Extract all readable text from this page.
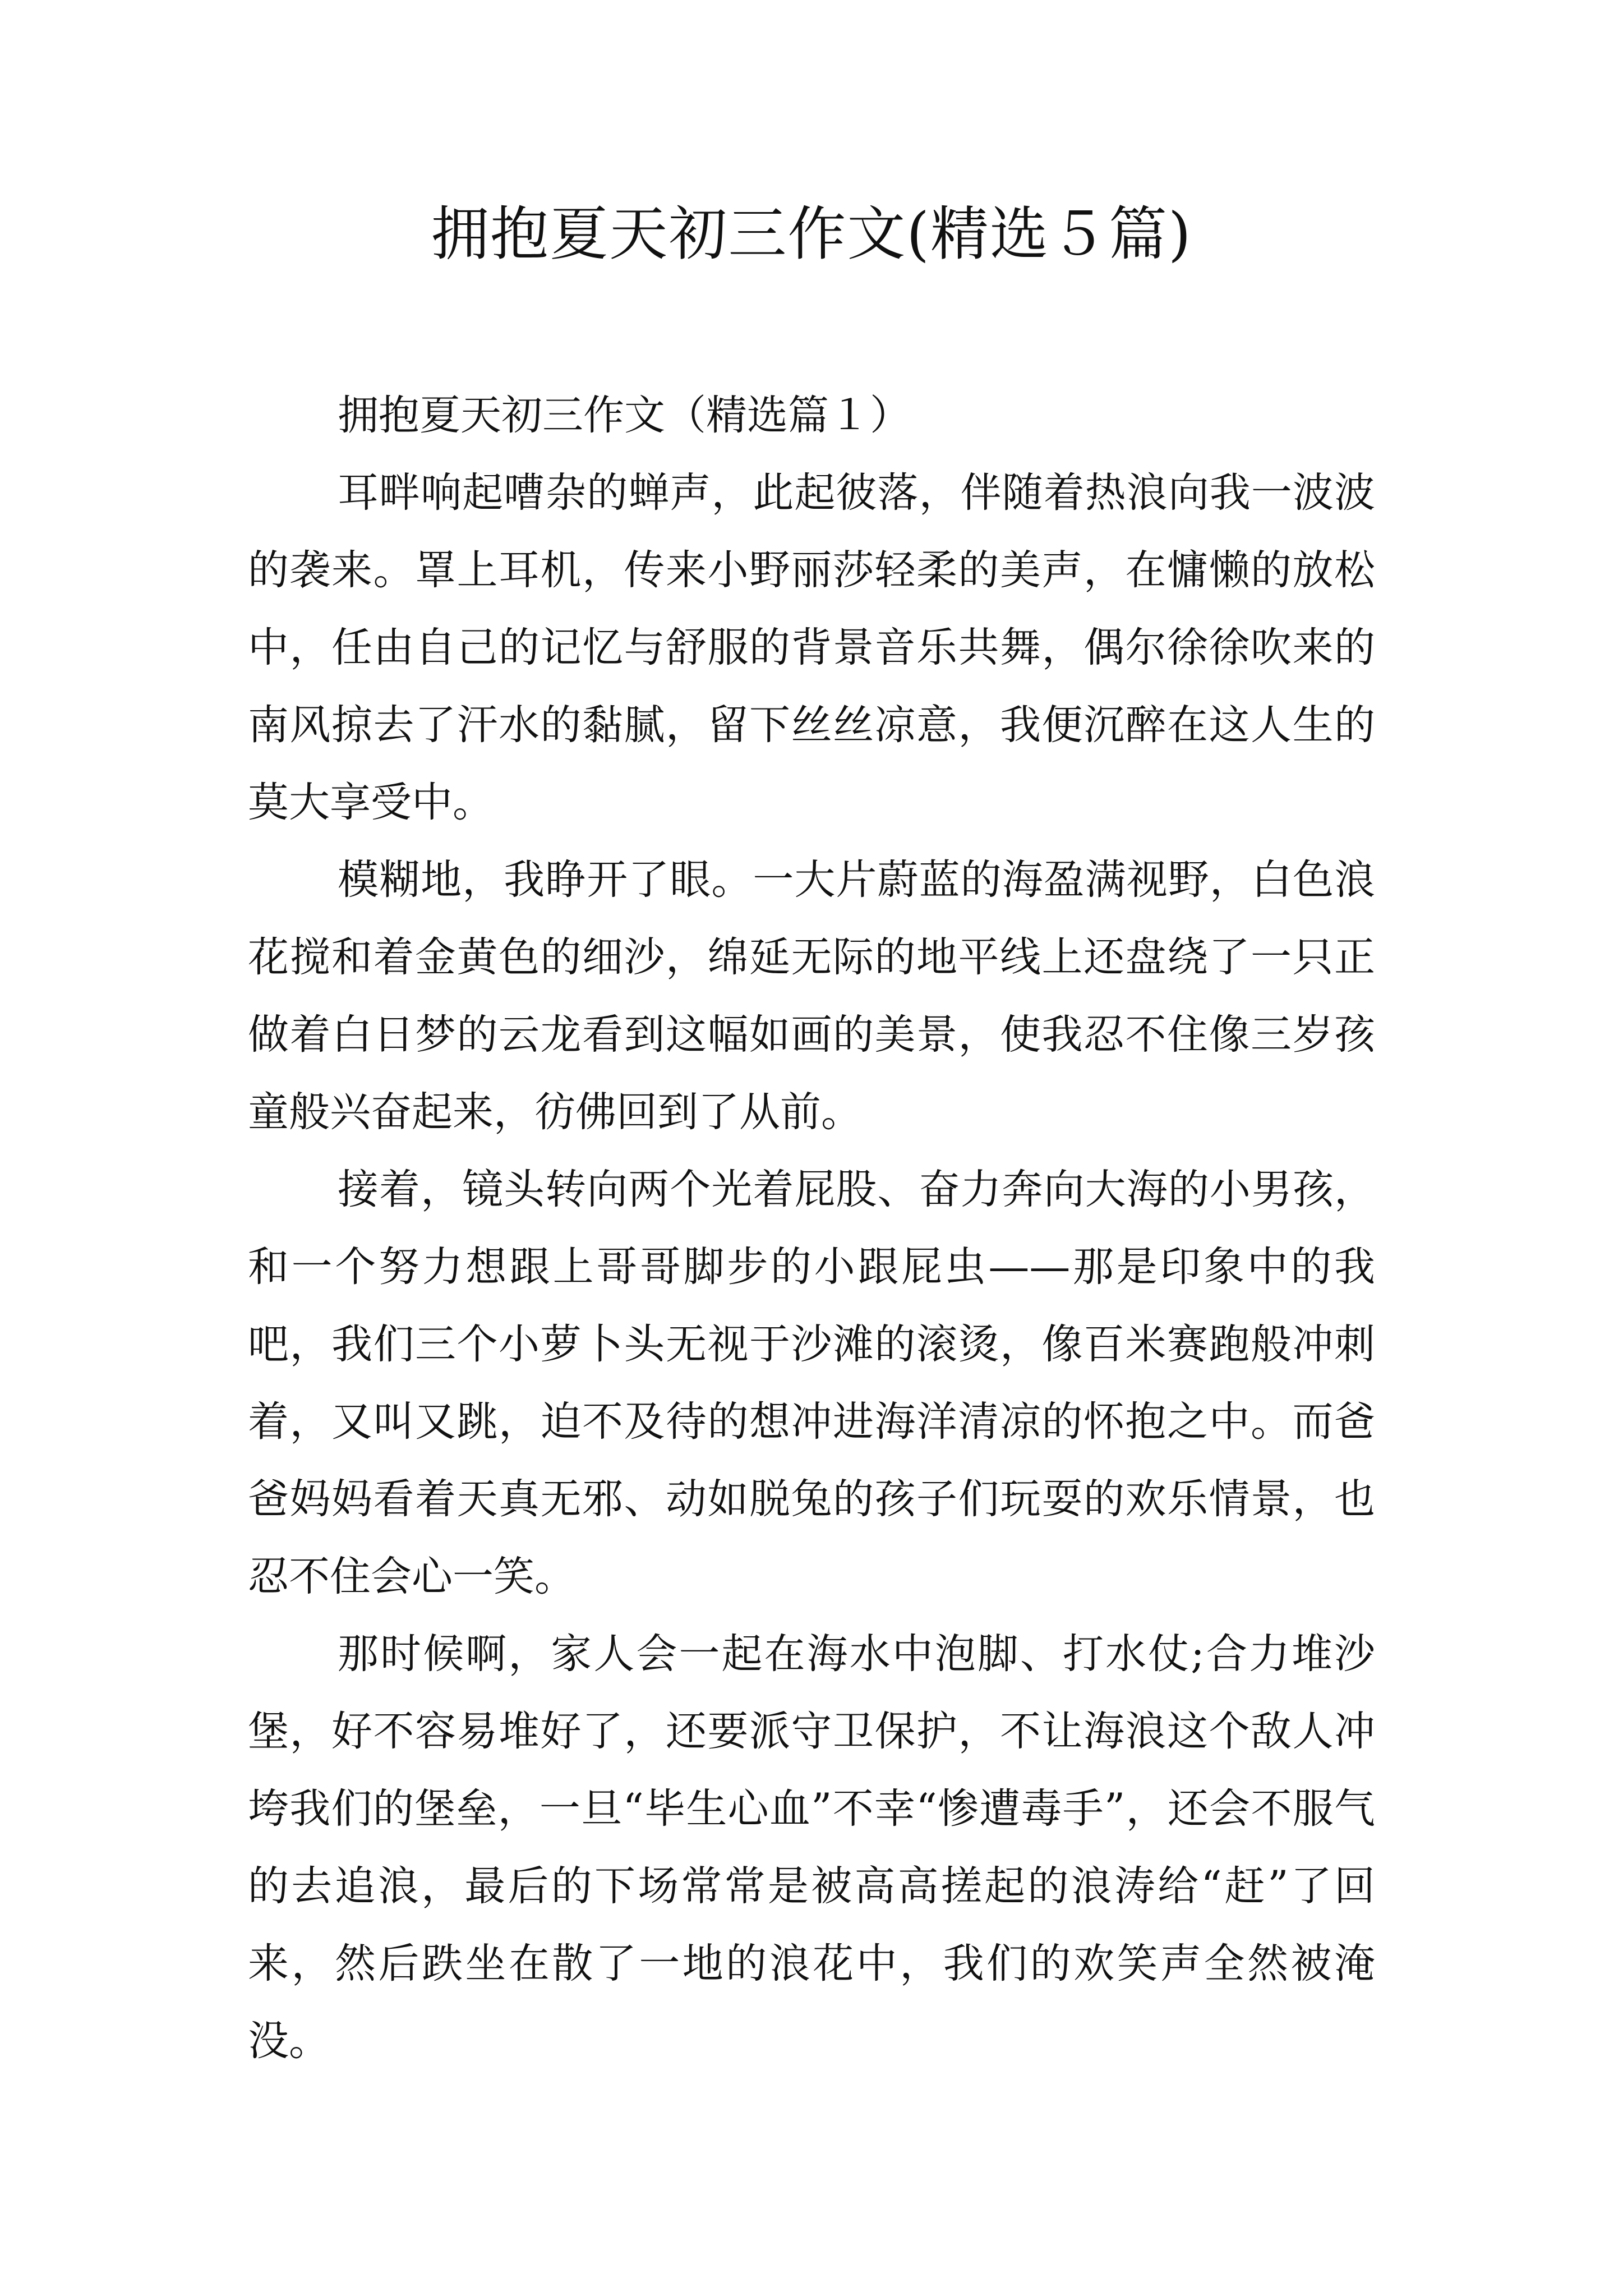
拥抱夏天初三作文(精选５篇)

拥抱夏天初三作文（精选篇１）

耳畔响起嘈杂的蝉声，此起彼落，伴随着热浪向我一波波的袭来。罩上耳机，传来小野丽莎轻柔的美声，在慵懒的放松中，任由自己的记忆与舒服的背景音乐共舞，偶尔徐徐吹来的南风掠去了汗水的黏腻，留下丝丝凉意，我便沉醉在这人生的莫大享受中。

模糊地，我睁开了眼。一大片蔚蓝的海盈满视野，白色浪花搅和着金黄色的细沙，绵延无际的地平线上还盘绕了一只正做着白日梦的云龙看到这幅如画的美景，使我忍不住像三岁孩童般兴奋起来，彷佛回到了从前。

接着，镜头转向两个光着屁股、奋力奔向大海的小男孩，和一个努力想跟上哥哥脚步的小跟屁虫——那是印象中的我吧，我们三个小萝卜头无视于沙滩的滚烫，像百米赛跑般冲刺着，又叫又跳，迫不及待的想冲进海洋清凉的怀抱之中。而爸爸妈妈看着天真无邪、动如脱兔的孩子们玩耍的欢乐情景，也忍不住会心一笑。

那时候啊，家人会一起在海水中泡脚、打水仗;合力堆沙堡，好不容易堆好了，还要派守卫保护，不让海浪这个敌人冲垮我们的堡垒，一旦“毕生心血”不幸“惨遭毒手”，还会不服气的去追浪，最后的下场常常是被高高搓起的浪涛给“赶”了回来，然后跌坐在散了一地的浪花中，我们的欢笑声全然被淹没。
